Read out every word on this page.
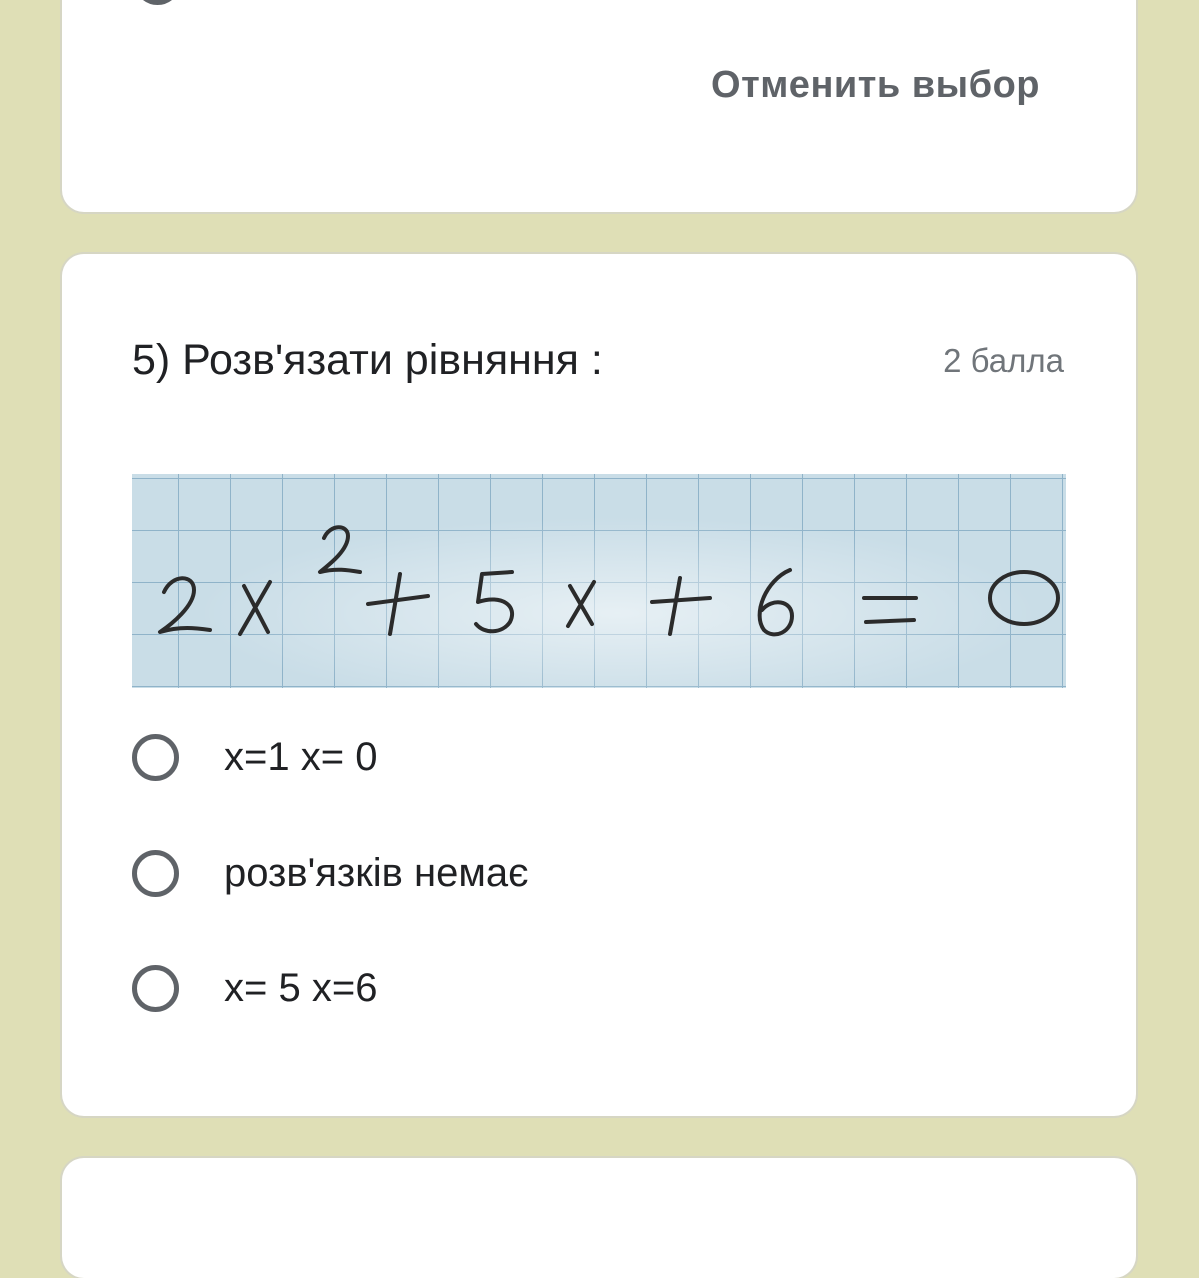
Отменить выбор
5) Розв'язати рівняння :	2 балла
x=1 x= 0
розв'язків немає
x= 5 x=6
